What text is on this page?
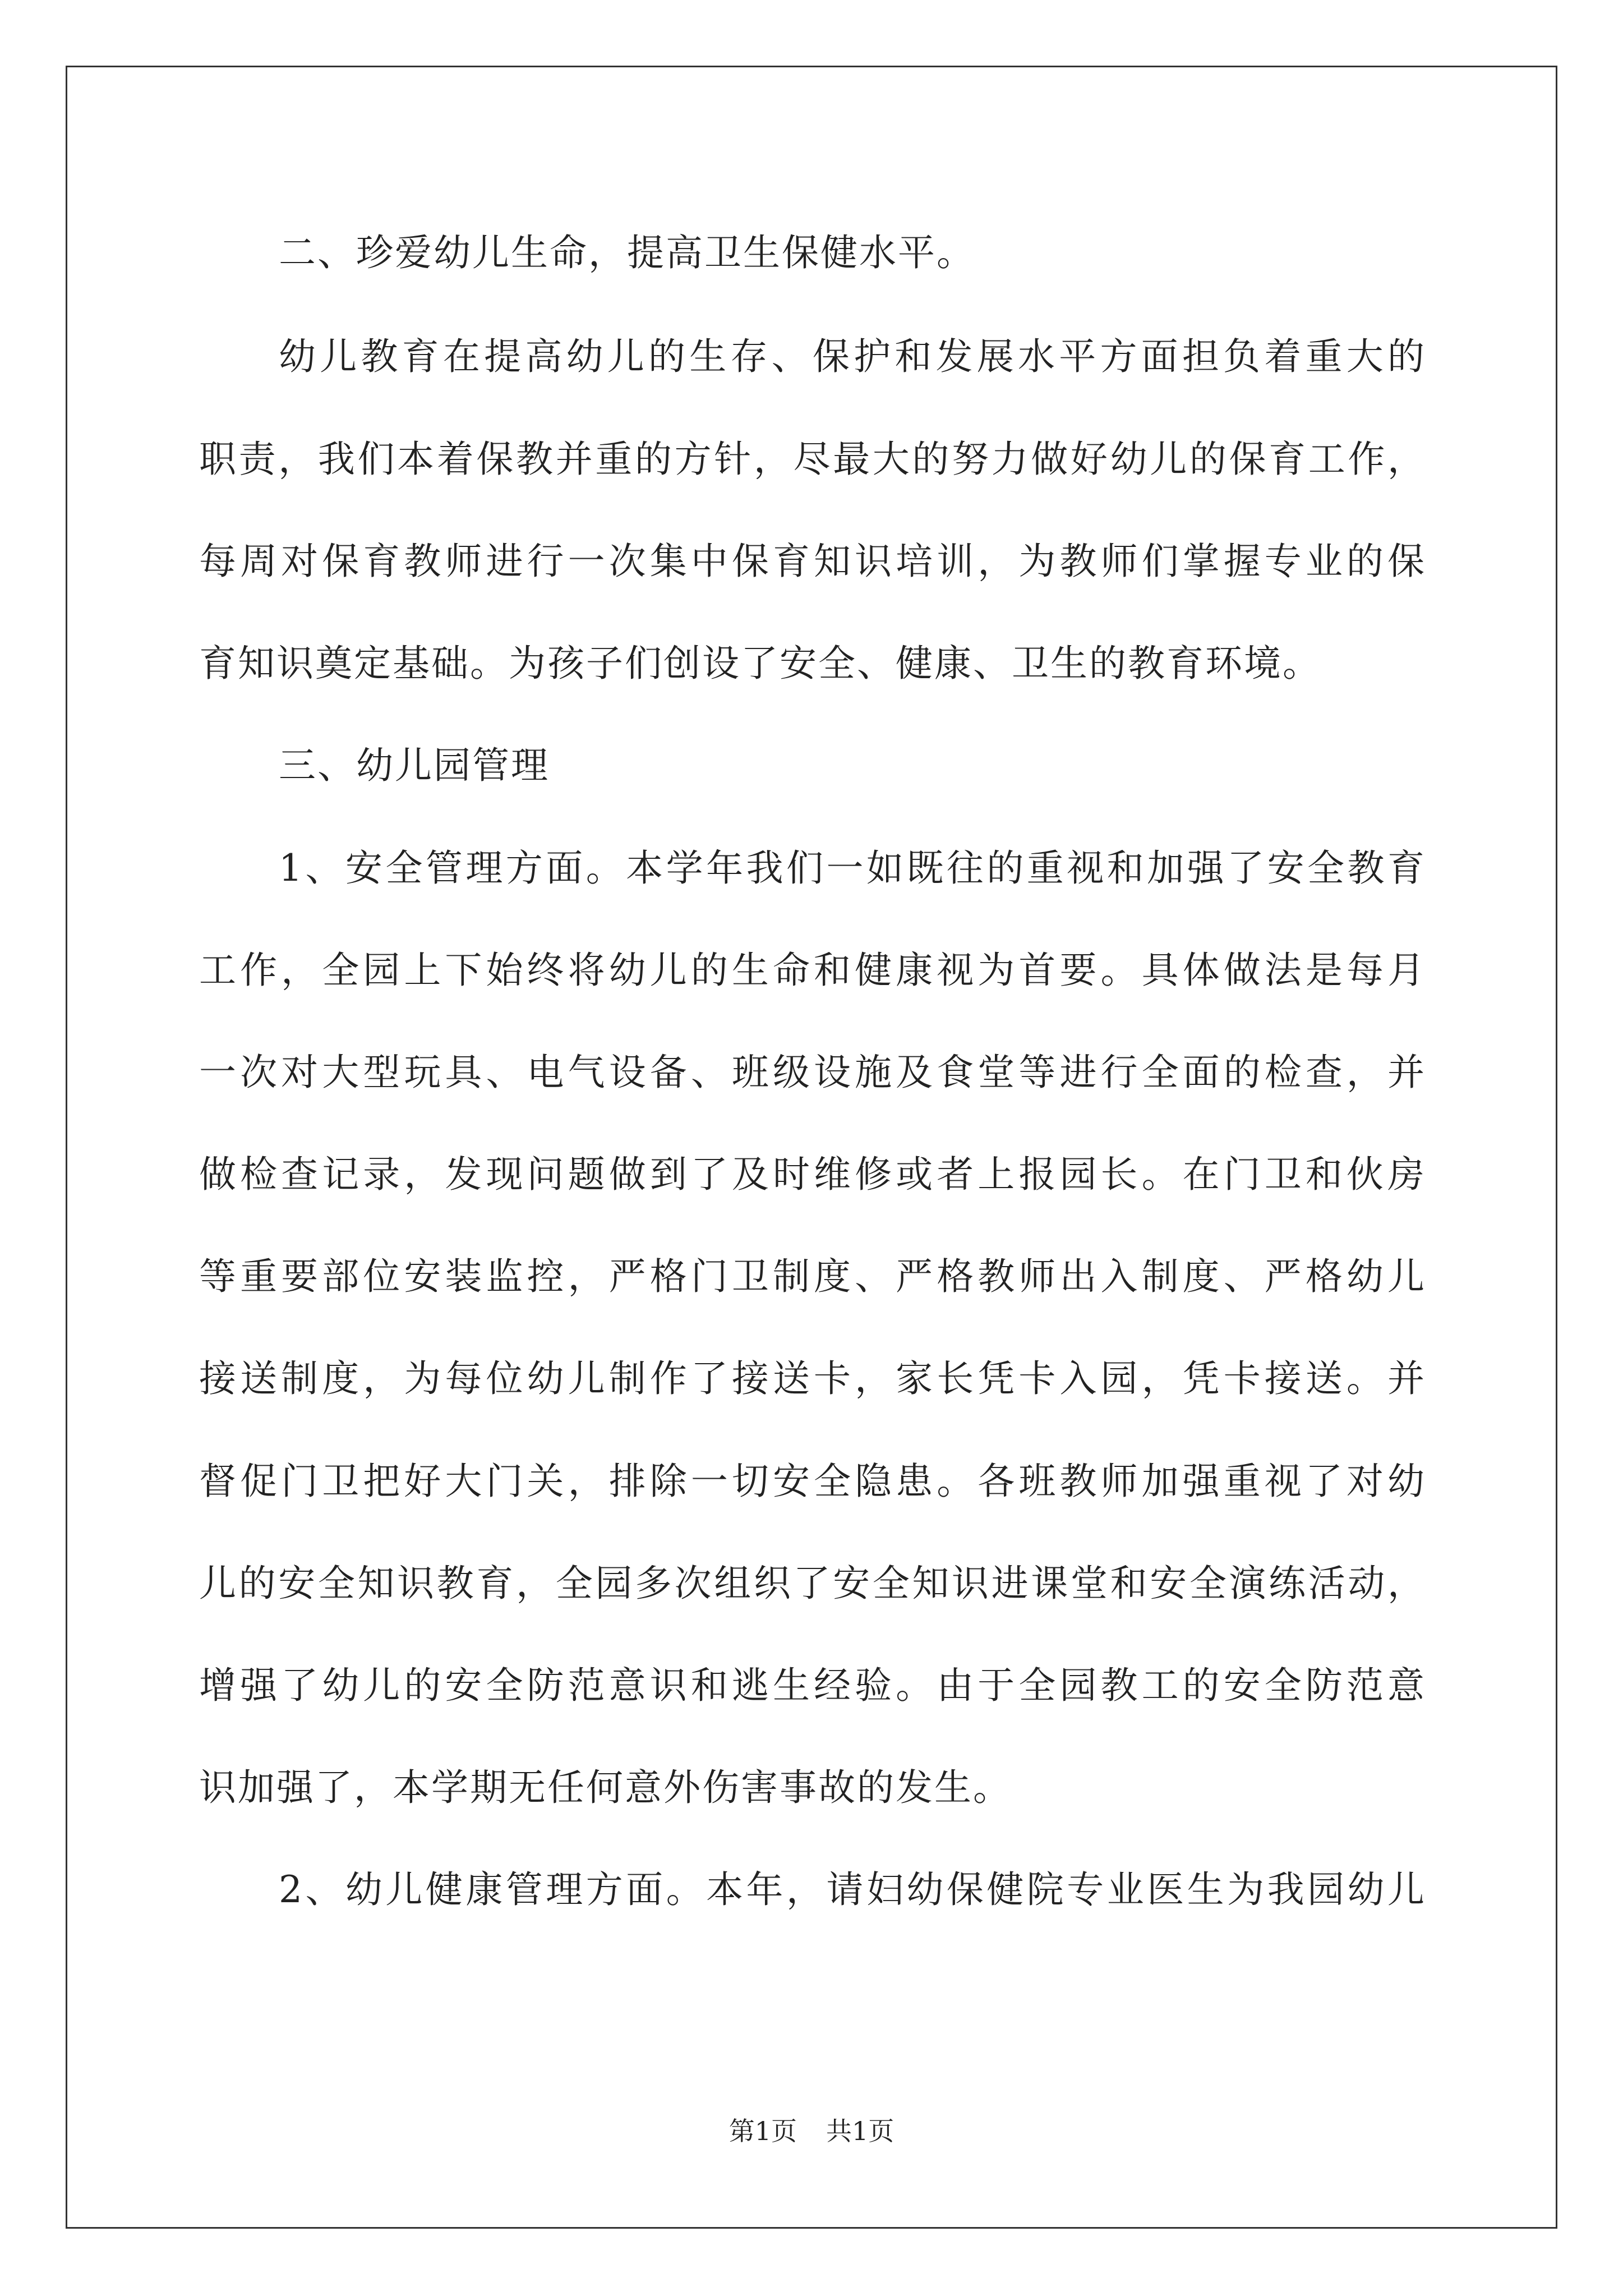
二、珍爱幼儿生命，提高卫生保健水平。
幼儿教育在提高幼儿的生存、保护和发展水平方面担负着重大的
职责，我们本着保教并重的方针，尽最大的努力做好幼儿的保育工作，
每周对保育教师进行一次集中保育知识培训，为教师们掌握专业的保
育知识奠定基础。为孩子们创设了安全、健康、卫生的教育环境。
三、幼儿园管理
1、安全管理方面。本学年我们一如既往的重视和加强了安全教育
工作，全园上下始终将幼儿的生命和健康视为首要。具体做法是每月
一次对大型玩具、电气设备、班级设施及食堂等进行全面的检查，并
做检查记录，发现问题做到了及时维修或者上报园长。在门卫和伙房
等重要部位安装监控，严格门卫制度、严格教师出入制度、严格幼儿
接送制度，为每位幼儿制作了接送卡，家长凭卡入园，凭卡接送。并
督促门卫把好大门关，排除一切安全隐患。各班教师加强重视了对幼
儿的安全知识教育，全园多次组织了安全知识进课堂和安全演练活动，
增强了幼儿的安全防范意识和逃生经验。由于全园教工的安全防范意
识加强了，本学期无任何意外伤害事故的发生。
2、幼儿健康管理方面。本年，请妇幼保健院专业医生为我园幼儿
第1页 共1页
